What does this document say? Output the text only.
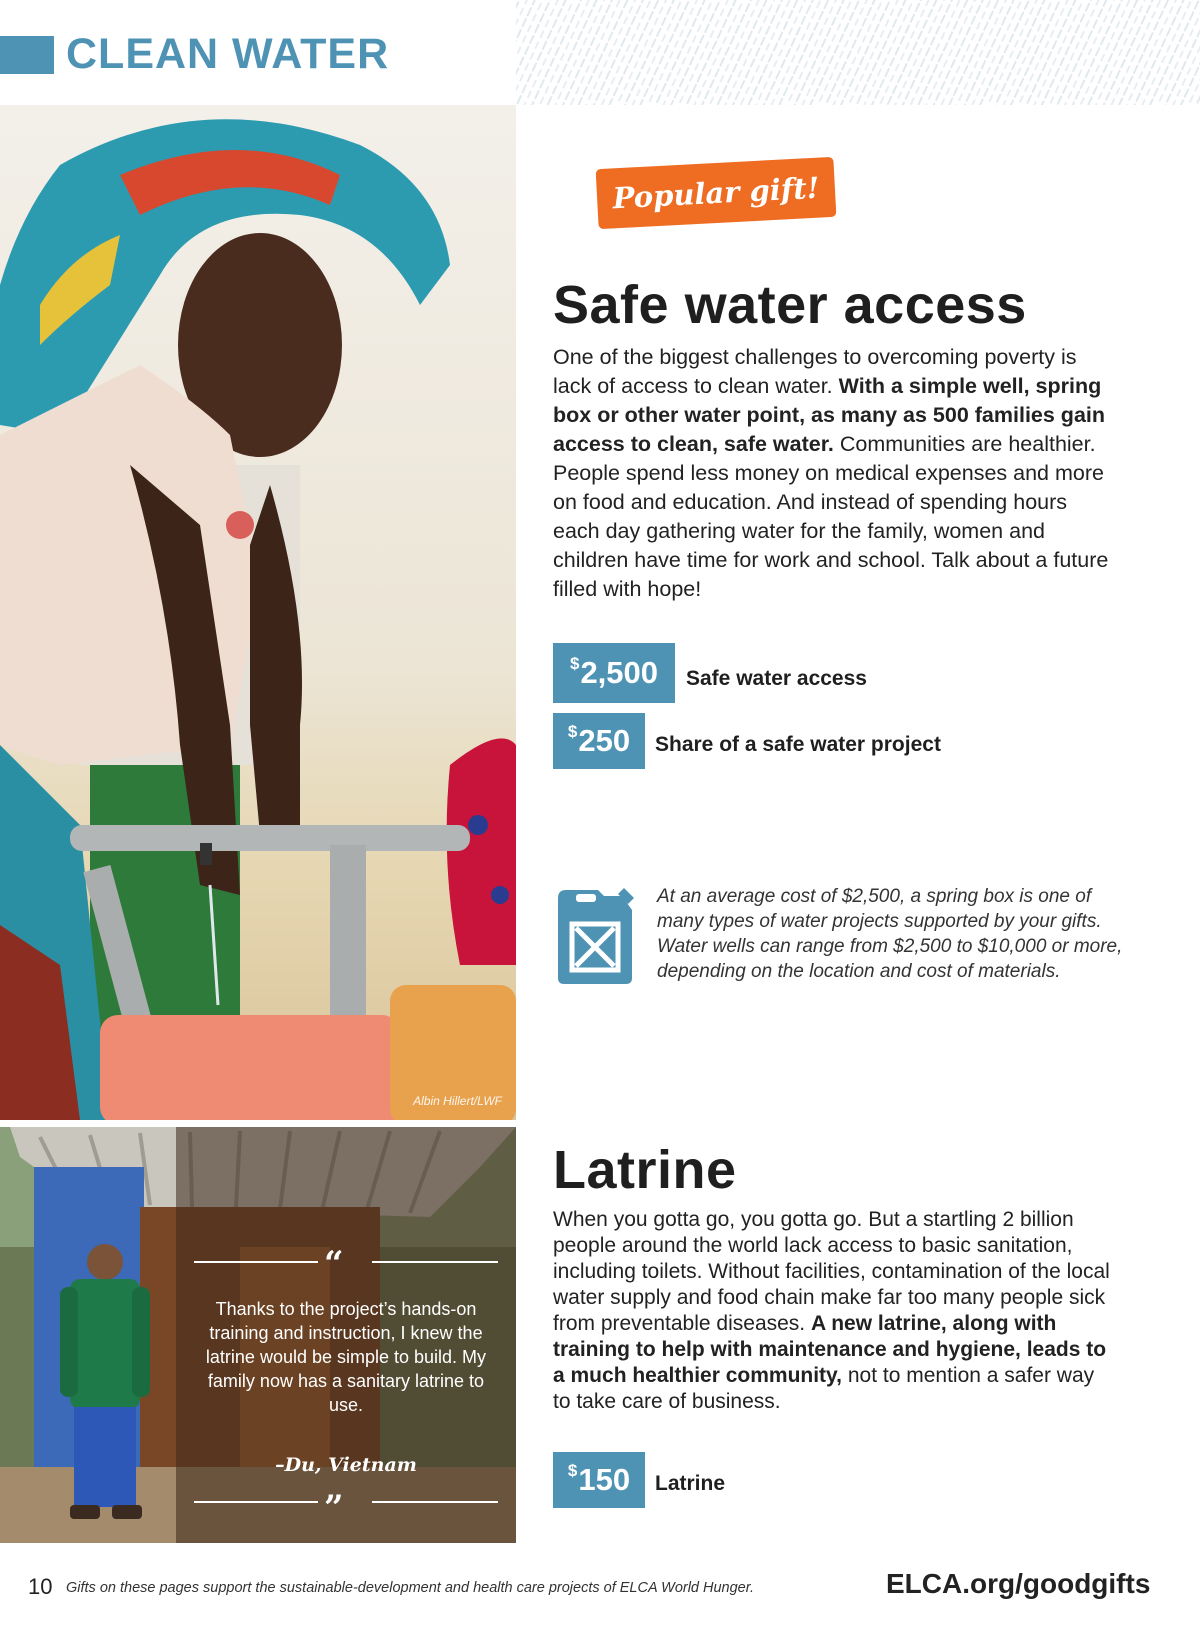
CLEAN WATER
Albin Hillert/LWF
“
Thanks to the project’s hands-on training and instruction, I knew the latrine would be simple to build. My family now has a sanitary latrine to use.
–Du, Vietnam
”
Popular gift!
Safe water access
One of the biggest challenges to overcoming poverty is lack of access to clean water. With a simple well, spring box or other water point, as many as 500 families gain access to clean, safe water. Communities are healthier. People spend less money on medical expenses and more on food and education. And instead of spending hours each day gathering water for the family, women and children have time for work and school. Talk about a future filled with hope!
$ 2,500 Safe water access
$ 250 Share of a safe water project
At an average cost of $2,500, a spring box is one of many types of water projects supported by your gifts. Water wells can range from $2,500 to $10,000 or more, depending on the location and cost of materials.
Latrine
When you gotta go, you gotta go. But a startling 2 billion people around the world lack access to basic sanitation, including toilets. Without facilities, contamination of the local water supply and food chain make far too many people sick from preventable diseases. A new latrine, along with training to help with maintenance and hygiene, leads to a much healthier community, not to mention a safer way to take care of business.
$ 150 Latrine
10 Gifts on these pages support the sustainable-development and health care projects of ELCA World Hunger.	ELCA.org/goodgifts
